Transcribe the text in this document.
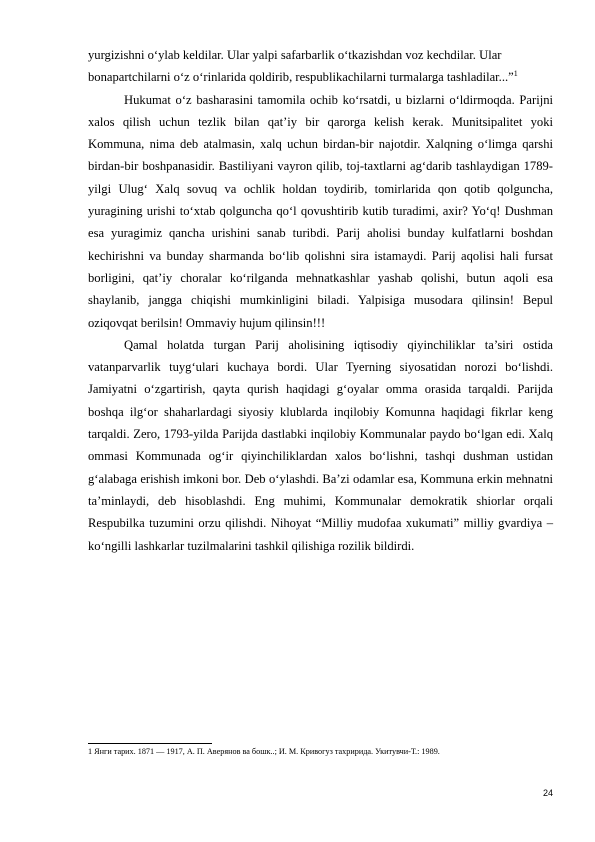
yurgizishni o‘ylab keldilar. Ular yalpi safarbarlik o‘tkazishdan voz kechdilar. Ular bonapartchilarni o‘z o‘rinlarida qoldirib, respublikachilarni turmalarga tashladilar...”$^1$

Hukumat o‘z basharasini tamomila ochib ko‘rsatdi, u bizlarni o‘ldirmoqda. Parijni xalos qilish uchun tezlik bilan qat’iy bir qarorga kelish kerak. Munitsipalitet yoki Kommuna, nima deb atalmasin, xalq uchun birdan-bir najotdir. Xalqning o‘limga qarshi birdan-bir boshpanasidir. Bastiliyani vayron qilib, toj-taxtlarni ag‘darib tashlaydigan 1789-yilgi Ulug‘ Xalq sovuq va ochlik holdan toydirib, tomirlarida qon qotib qolguncha, yuragining urishi to‘xtab qolguncha qo‘l qovushtirib kutib turadimi, axir? Yo‘q! Dushman esa yuragimiz qancha urishini sanab turibdi. Parij aholisi bunday kulfatlarni boshdan kechirishni va bunday sharmanda bo‘lib qolishni sira istamaydi. Parij aqolisi hali fursat borligini, qat’iy choralar ko‘rilganda mehnatkashlar yashab qolishi, butun aqoli esa shaylanib, jangga chiqishi mumkinligini biladi. Yalpisiga musodara qilinsin! Bepul oziqovqat berilsin! Ommaviy hujum qilinsin!!!

Qamal holatda turgan Parij aholisining iqtisodiy qiyinchiliklar ta’siri ostida vatanparvarlik tuyg‘ulari kuchaya bordi. Ular Tyerning siyosatidan norozi bo‘lishdi. Jamiyatni o‘zgartirish, qayta qurish haqidagi g‘oyalar omma orasida tarqaldi. Parijda boshqa ilg‘or shaharlardagi siyosiy klublarda inqilobiy Komunna haqidagi fikrlar keng tarqaldi. Zero, 1793-yilda Parijda dastlabki inqilobiy Kommunalar paydo bo‘lgan edi. Xalq ommasi Kommunada og‘ir qiyinchiliklardan xalos bo‘lishni, tashqi dushman ustidan g‘alabaga erishish imkoni bor. Deb o‘ylashdi. Ba’zi odamlar esa, Kommuna erkin mehnatni ta’minlaydi, deb hisoblashdi. Eng muhimi, Kommunalar demokratik shiorlar orqali Respubilka tuzumini orzu qilishdi. Nihoyat “Milliy mudofaa xukumati” milliy gvardiya – ko‘ngilli lashkarlar tuzilmalarini tashkil qilishiga rozilik bildirdi.

1 Янги тарих. 1871 — 1917, А. П. Аверянов ва бошк..; И. М. Кривогуз тахририда. Укитувчи-Т.: 1989.
24
